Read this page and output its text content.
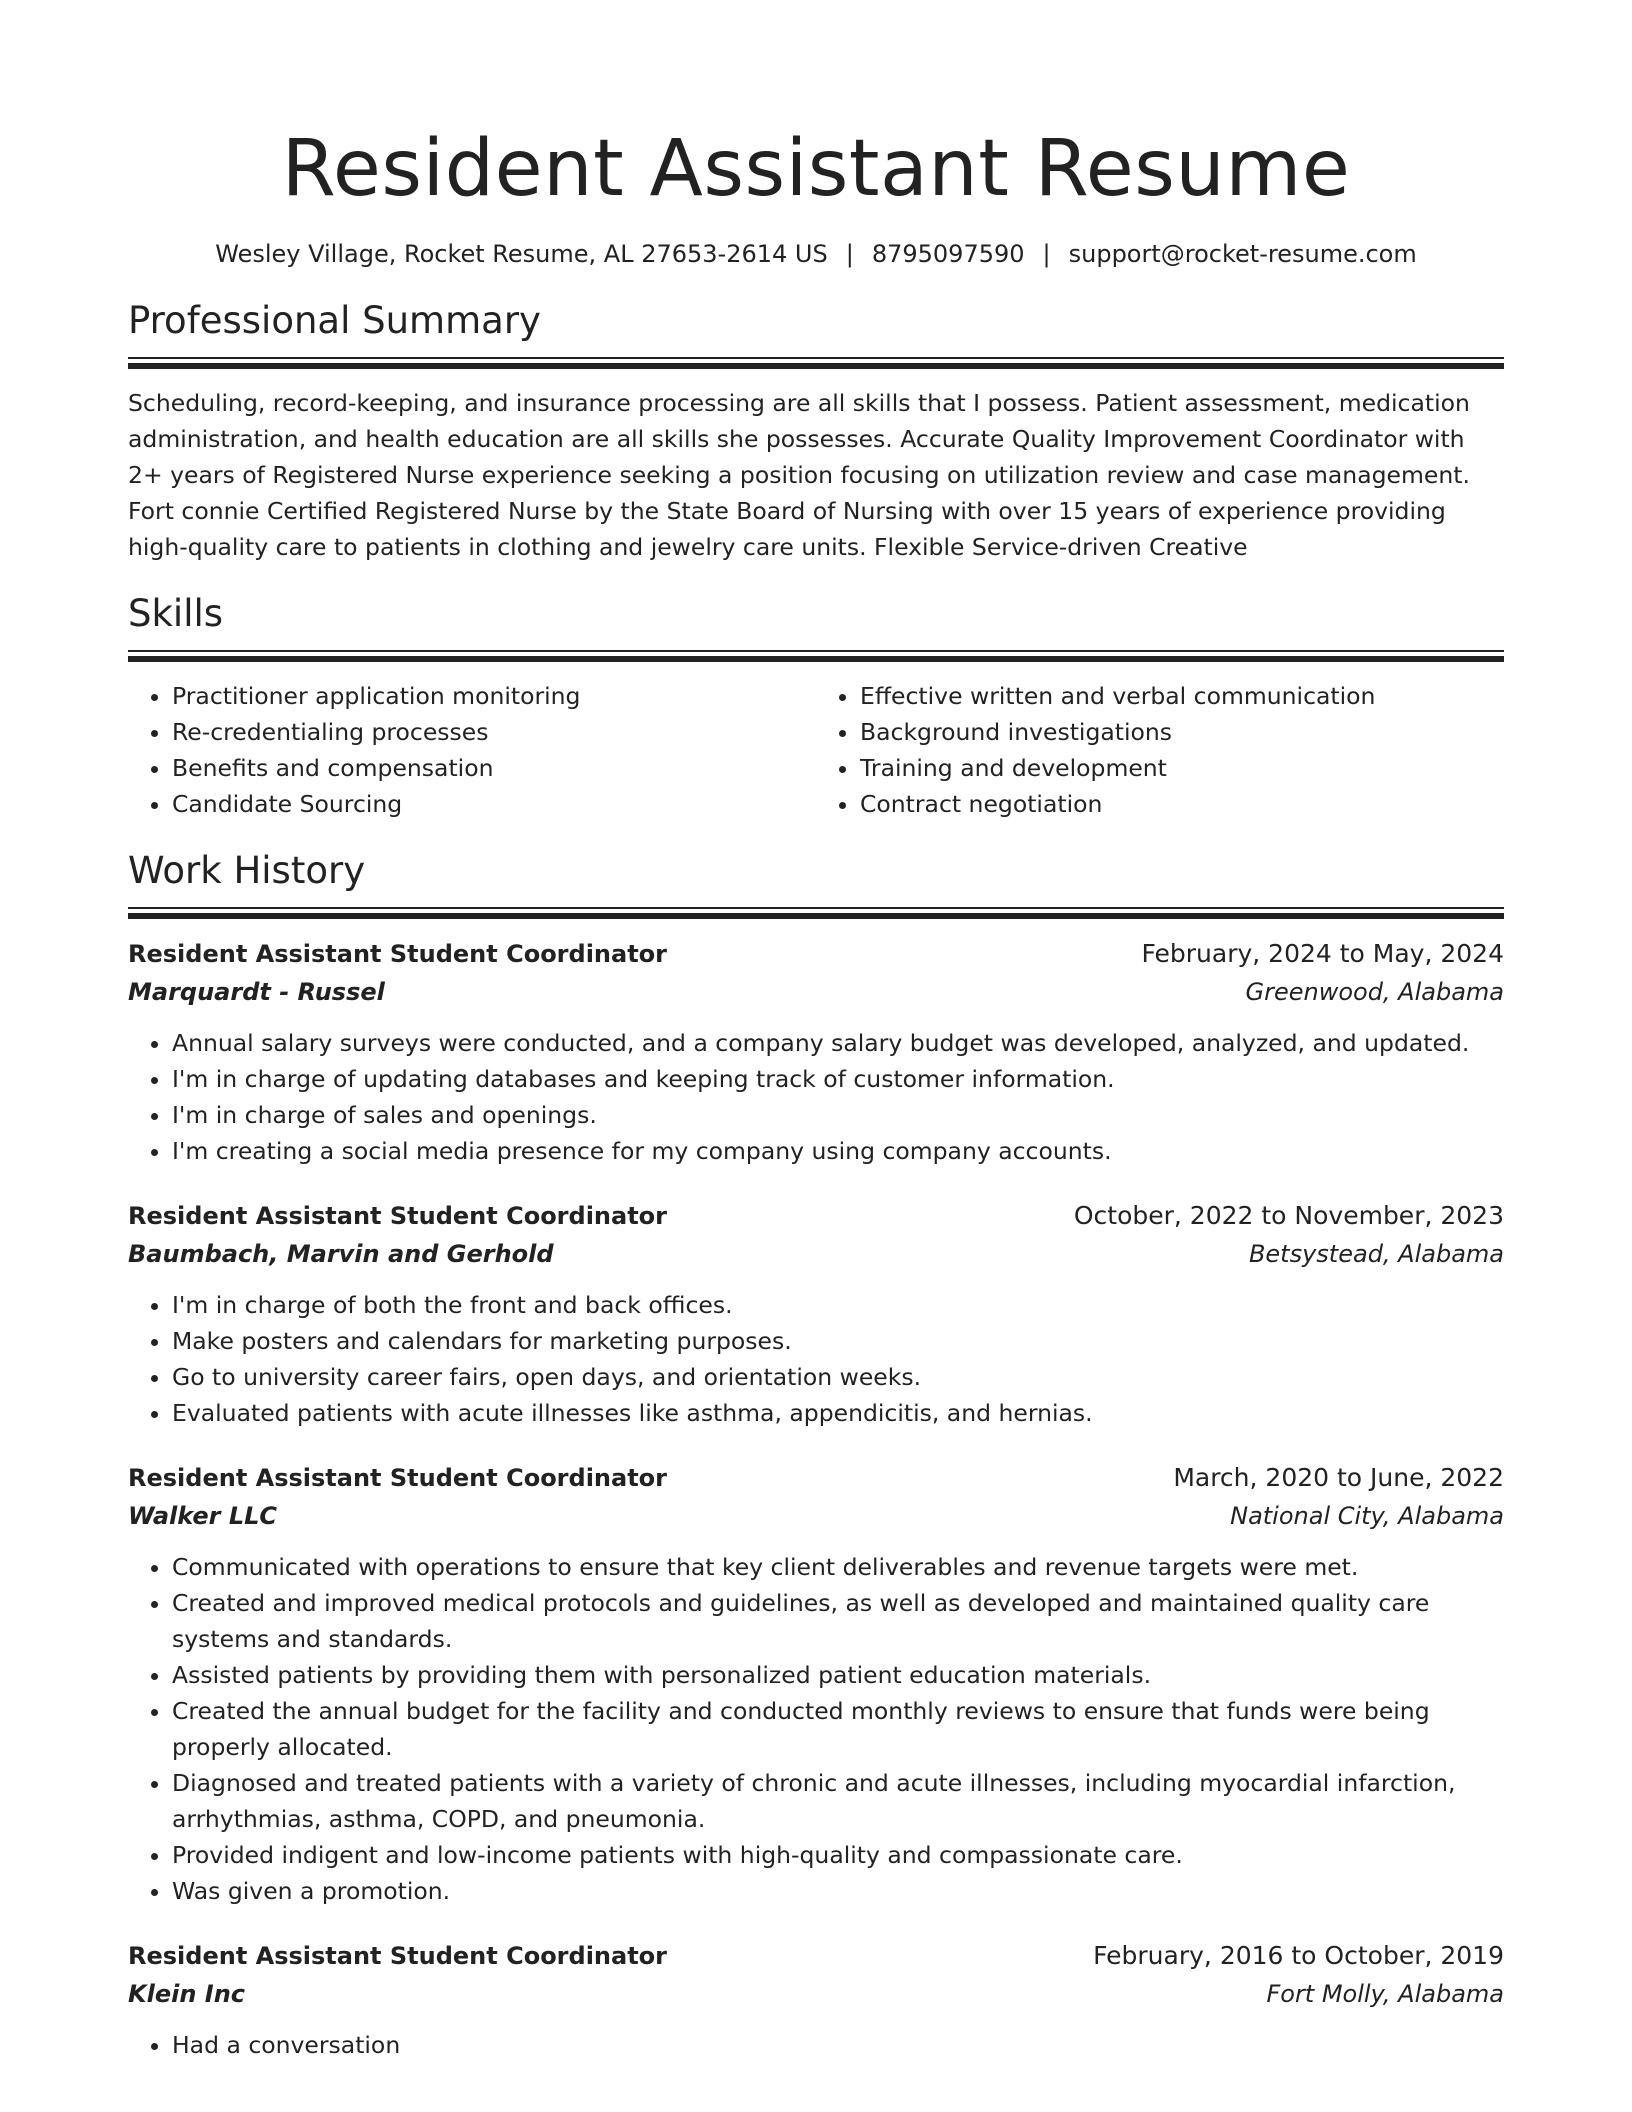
Resident Assistant Resume
Wesley Village, Rocket Resume, AL 27653-2614 US | 8795097590 | support@rocket-resume.com
Professional Summary

Scheduling, record-keeping, and insurance processing are all skills that I possess. Patient assessment, medication administration, and health education are all skills she possesses. Accurate Quality Improvement Coordinator with 2+ years of Registered Nurse experience seeking a position focusing on utilization review and case management. Fort connie Certified Registered Nurse by the State Board of Nursing with over 15 years of experience providing high-quality care to patients in clothing and jewelry care units. Flexible Service-driven Creative

Skills
• Practitioner application monitoring
• Re-credentialing processes
• Benefits and compensation
• Candidate Sourcing
• Effective written and verbal communication
• Background investigations
• Training and development
• Contract negotiation
Work History
Resident Assistant Student Coordinator	February, 2024 to May, 2024
Marquardt - Russel	Greenwood, Alabama
• Annual salary surveys were conducted, and a company salary budget was developed, analyzed, and updated.
• I'm in charge of updating databases and keeping track of customer information.
• I'm in charge of sales and openings.
• I'm creating a social media presence for my company using company accounts.
Resident Assistant Student Coordinator	October, 2022 to November, 2023
Baumbach, Marvin and Gerhold	Betsystead, Alabama
• I'm in charge of both the front and back offices.
• Make posters and calendars for marketing purposes.
• Go to university career fairs, open days, and orientation weeks.
• Evaluated patients with acute illnesses like asthma, appendicitis, and hernias.
Resident Assistant Student Coordinator	March, 2020 to June, 2022
Walker LLC	National City, Alabama
• Communicated with operations to ensure that key client deliverables and revenue targets were met.
• Created and improved medical protocols and guidelines, as well as developed and maintained quality care systems and standards.
• Assisted patients by providing them with personalized patient education materials.
• Created the annual budget for the facility and conducted monthly reviews to ensure that funds were being properly allocated.
• Diagnosed and treated patients with a variety of chronic and acute illnesses, including myocardial infarction, arrhythmias, asthma, COPD, and pneumonia.
• Provided indigent and low-income patients with high-quality and compassionate care.
• Was given a promotion.
Resident Assistant Student Coordinator	February, 2016 to October, 2019
Klein Inc	Fort Molly, Alabama
• Had a conversation
